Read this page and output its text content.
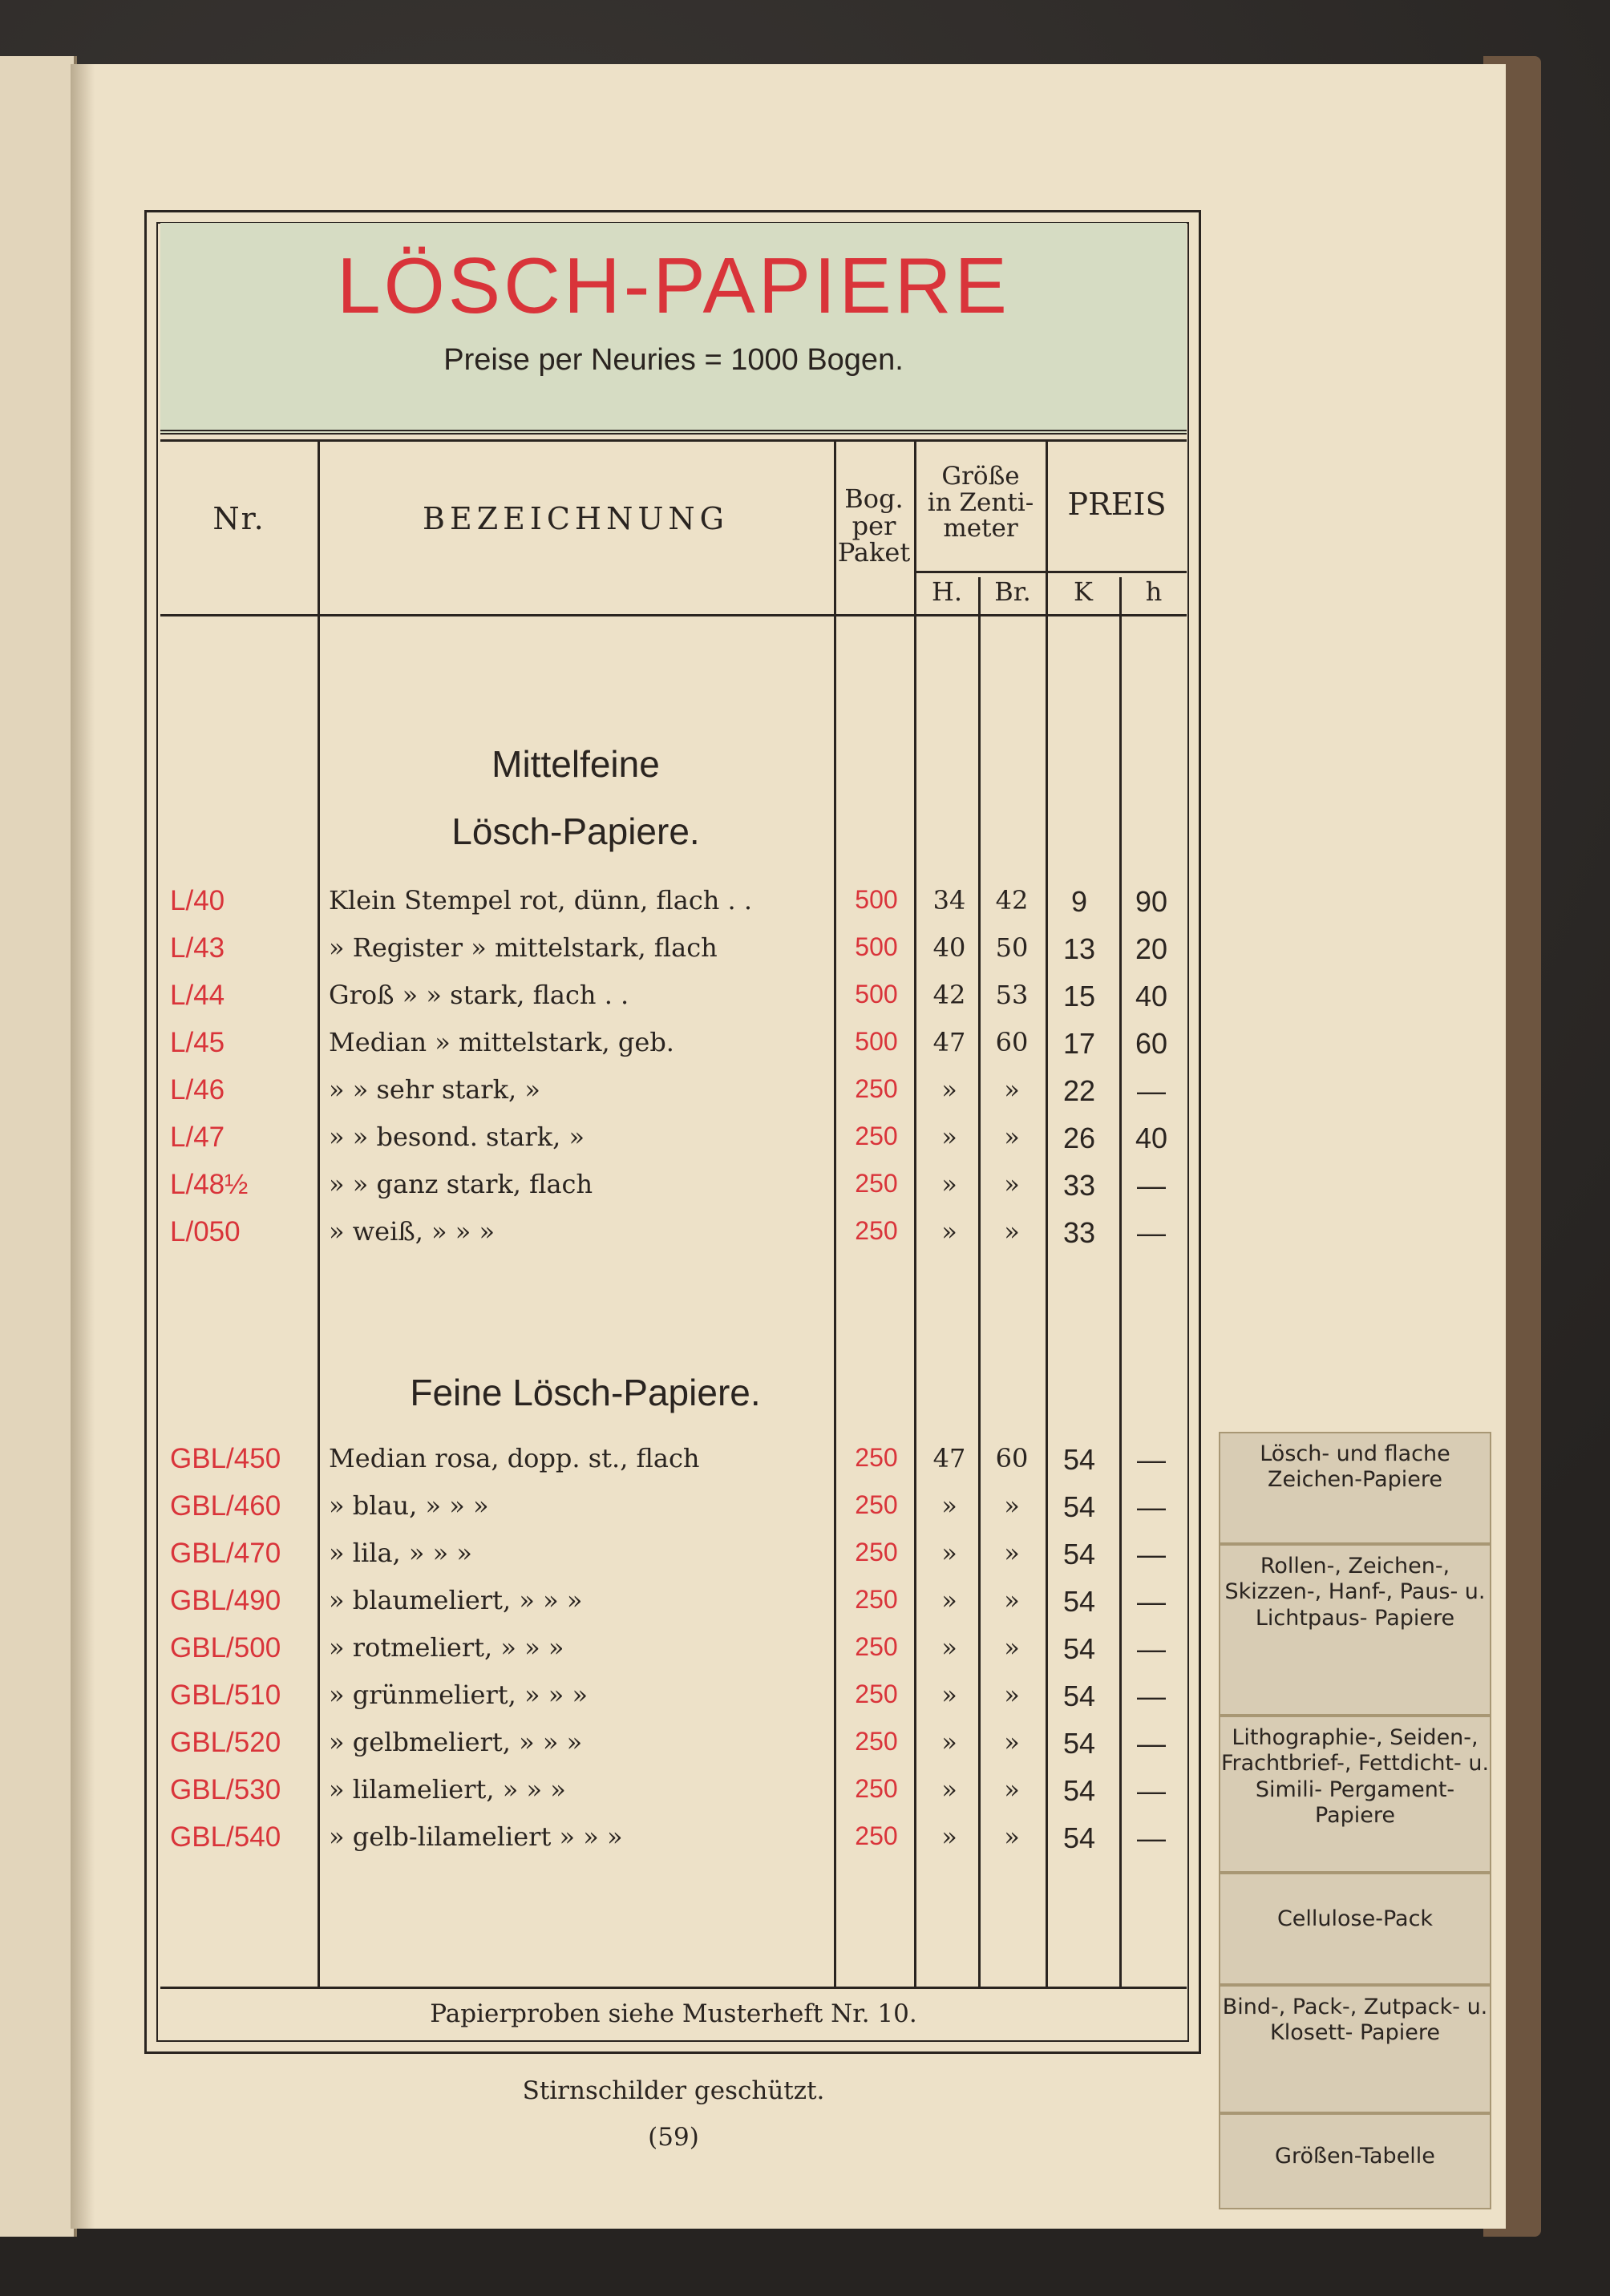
LÖSCH-PAPIERE
Preise per Neuries = 1000 Bogen.
Nr.	BEZEICHNUNG
Bog.
per
Paket
Größe
in Zenti-
meter
PREIS
H.	Br.	K	h
Mittelfeine
Lösch-Papiere.
L/40	Klein Stempel rot, dünn, flach . .	500	34	42	9	90
L/43	» Register » mittelstark, flach	500	40	50	13	20
L/44	Groß » » stark, flach . .	500	42	53	15	40
L/45	Median » mittelstark, geb.	500	47	60	17	60
L/46	» » sehr stark, »	250	»	»	22	—
L/47	» » besond. stark, »	250	»	»	26	40
L/48½	» » ganz stark, flach	250	»	»	33	—
L/050	» weiß, » » »	250	»	»	33	—
Feine Lösch-Papiere.
GBL/450 Median rosa, dopp. st., flach	250	47	60	54	—
GBL/460 » blau, » » »	250	»	»	54	—
GBL/470 » lila, » » »	250	»	»	54	—
GBL/490 » blaumeliert, » » »	250	»	»	54	—
GBL/500 » rotmeliert, » » »	250	»	»	54	—
GBL/510 » grünmeliert, » » »	250	»	»	54	—
GBL/520 » gelbmeliert, » » »	250	»	»	54	—
GBL/530 » lilameliert, » » »	250	»	»	54	—
GBL/540 » gelb-lilameliert » » »	250	»	»	54	—
Papierproben siehe Musterheft Nr. 10.
Stirnschilder geschützt.
(59)
Lösch- und flache Zeichen-Papiere
Rollen-, Zeichen-, Skizzen-, Hanf-, Paus- u. Lichtpaus- Papiere
Lithographie-, Seiden-, Frachtbrief-, Fettdicht- u. Simili- Pergament-Papiere
Cellulose-Pack
Bind-, Pack-, Zutpack- u. Klosett- Papiere
Größen-Tabelle
